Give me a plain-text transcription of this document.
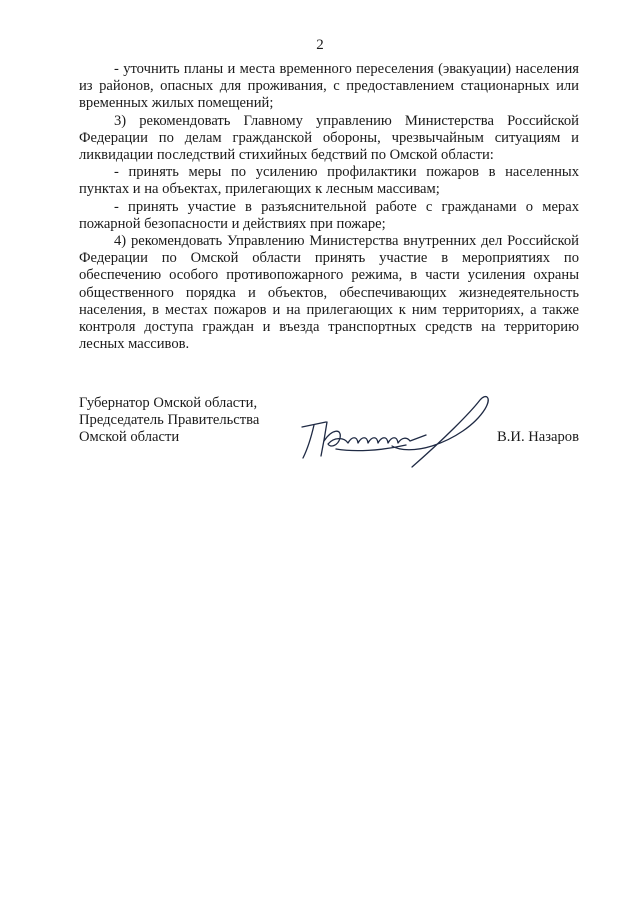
2

- уточнить планы и места временного переселения (эвакуации) населения из районов, опасных для проживания, с предоставлением стационарных или временных жилых помещений;

3) рекомендовать Главному управлению Министерства Российской Федерации по делам гражданской обороны, чрезвычайным ситуациям и ликвидации последствий стихийных бедствий по Омской области:

- принять меры по усилению профилактики пожаров в населенных пунктах и на объектах, прилегающих к лесным массивам;

- принять участие в разъяснительной работе с гражданами о мерах пожарной безопасности и действиях при пожаре;

4) рекомендовать Управлению Министерства внутренних дел Российской Федерации по Омской области принять участие в мероприятиях по обеспечению особого противопожарного режима, в части усиления охраны общественного порядка и объектов, обеспечивающих жизнедеятельность населения, в местах пожаров и на прилегающих к ним территориях, а также контроля доступа граждан и въезда транспортных средств на территорию лесных массивов.

Губернатор Омской области,
Председатель Правительства
Омской области	В.И. Назаров
